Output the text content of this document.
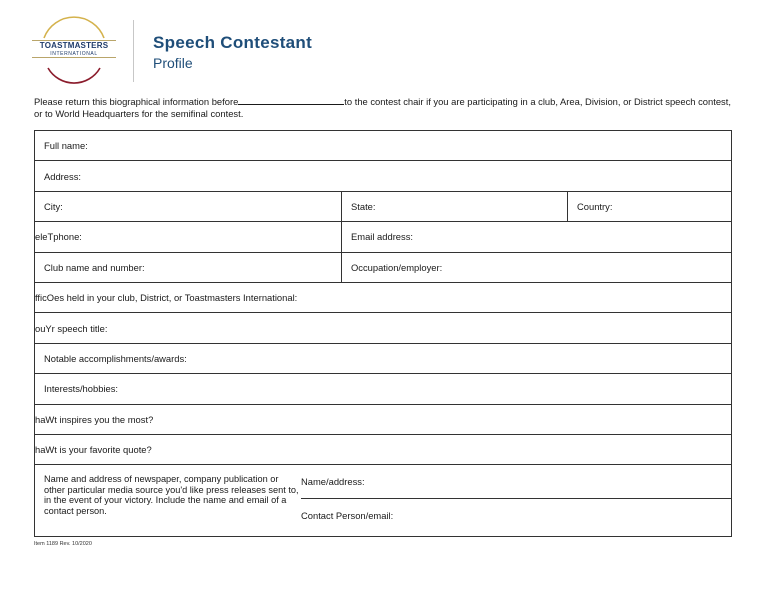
TOASTMASTERS
INTERNATIONAL
Speech Contestant
Profile
Please return this biographical information before	to the contest chair if you are participating in a club, Area, Division, or District speech contest, or to World Headquarters for the semifinal contest.
Full name:
Address:
City:	State:	Country:
eleTphone:	Email address:
Club name and number:	Occupation/employer:
fficOes held in your club, District, or Toastmasters International:
ouYr speech title:
Notable accomplishments/awards:
Interests/hobbies:
haWt inspires you the most?
haWt is your favorite quote?
Name and address of newspaper, company publication or other particular media source you'd like press releases sent to, in the event of your victory. Include the name and email of a contact person.
Name/address:
Contact Person/email:
Item 1189 Rev. 10/2020
